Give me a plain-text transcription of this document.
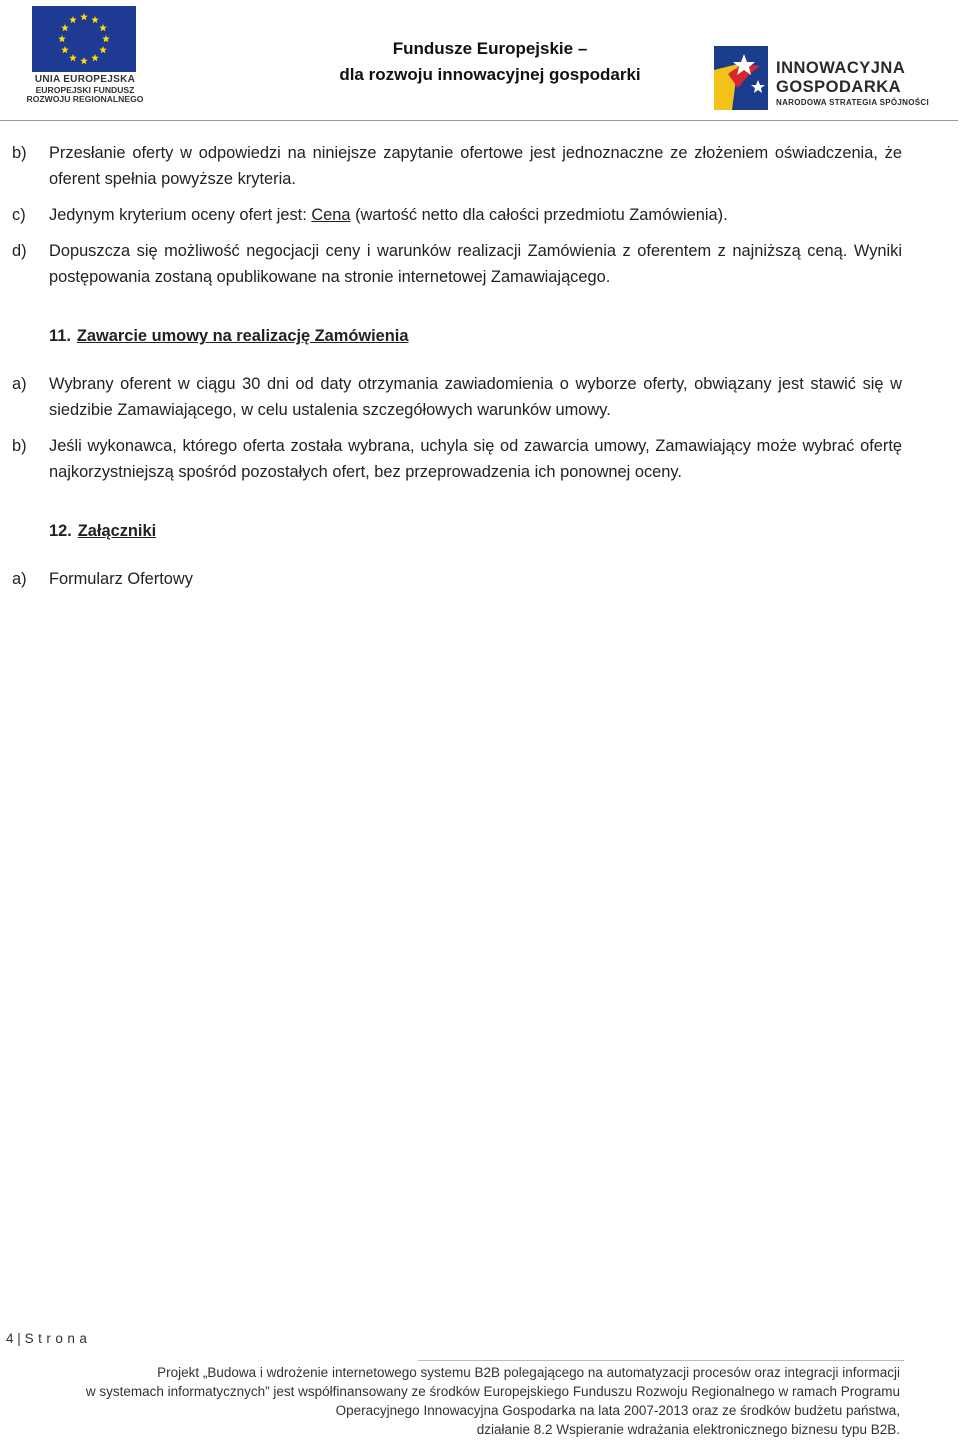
UNIA EUROPEJSKA
EUROPEJSKI FUNDUSZ
ROZWOJU REGIONALNEGO
Fundusze Europejskie –
dla rozwoju innowacyjnej gospodarki	INNOWACYJNA
GOSPODARKA
NARODOWA STRATEGIA SPÓJNOŚCI
b) Przesłanie oferty w odpowiedzi na niniejsze zapytanie ofertowe jest jednoznaczne ze złożeniem oświadczenia, że oferent spełnia powyższe kryteria.
c) Jedynym kryterium oceny ofert jest: Cena (wartość netto dla całości przedmiotu Zamówienia).
d) Dopuszcza się możliwość negocjacji ceny i warunków realizacji Zamówienia z oferentem z najniższą ceną. Wyniki postępowania zostaną opublikowane na stronie internetowej Zamawiającego.
11. Zawarcie umowy na realizację Zamówienia
a) Wybrany oferent w ciągu 30 dni od daty otrzymania zawiadomienia o wyborze oferty, obwiązany jest stawić się w siedzibie Zamawiającego, w celu ustalenia szczegółowych warunków umowy.
b) Jeśli wykonawca, którego oferta została wybrana, uchyla się od zawarcia umowy, Zamawiający może wybrać ofertę najkorzystniejszą spośród pozostałych ofert, bez przeprowadzenia ich ponownej oceny.
12. Załączniki
a) Formularz Ofertowy
4 | Strona
Projekt „Budowa i wdrożenie internetowego systemu B2B polegającego na automatyzacji procesów oraz integracji informacji
w systemach informatycznych” jest współfinansowany ze środków Europejskiego Funduszu Rozwoju Regionalnego w ramach Programu
Operacyjnego Innowacyjna Gospodarka na lata 2007-2013 oraz ze środków budżetu państwa,
działanie 8.2 Wspieranie wdrażania elektronicznego biznesu typu B2B.
